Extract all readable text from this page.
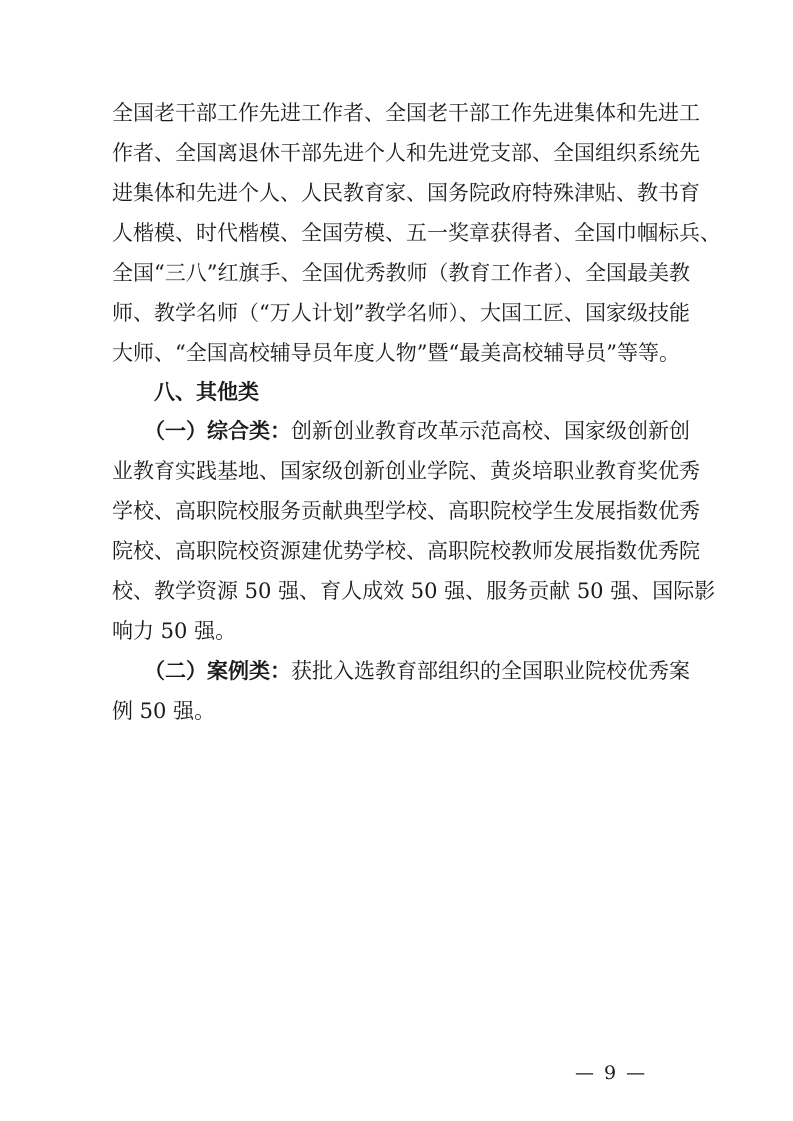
全国老干部工作先进工作者、全国老干部工作先进集体和先进工
作者、全国离退休干部先进个人和先进党支部、全国组织系统先
进集体和先进个人、人民教育家、国务院政府特殊津贴、教书育
人楷模、时代楷模、全国劳模、五一奖章获得者、全国巾帼标兵、
全国“三八”红旗手、全国优秀教师（教育工作者）、全国最美教
师、教学名师（“万人计划”教学名师）、大国工匠、国家级技能
大师、“全国高校辅导员年度人物”暨“最美高校辅导员”等等。
八、其他类
（一）综合类：创新创业教育改革示范高校、国家级创新创
业教育实践基地、国家级创新创业学院、黄炎培职业教育奖优秀
学校、高职院校服务贡献典型学校、高职院校学生发展指数优秀
院校、高职院校资源建优势学校、高职院校教师发展指数优秀院
校、教学资源 50 强、育人成效 50 强、服务贡献 50 强、国际影
响力 50 强。
（二）案例类：获批入选教育部组织的全国职业院校优秀案
例 50 强。
— 9 —
